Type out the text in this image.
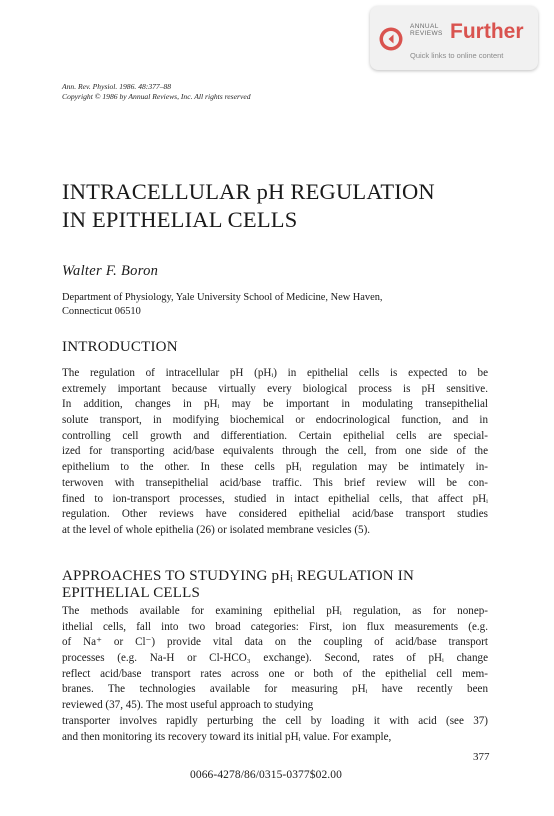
ANNUAL
REVIEWS Further
Quick links to online content
Ann. Rev. Physiol. 1986. 48:377–88
Copyright © 1986 by Annual Reviews, Inc. All rights reserved
INTRACELLULAR pH REGULATION
IN EPITHELIAL CELLS
Walter F. Boron
Department of Physiology, Yale University School of Medicine, New Haven,
Connecticut 06510
INTRODUCTION
The regulation of intracellular pH (pHᵢ) in epithelial cells is expected to be
extremely important because virtually every biological process is pH sensitive.
In addition, changes in pHᵢ may be important in modulating transepithelial
solute transport, in modifying biochemical or endocrinological function, and in
controlling cell growth and differentiation. Certain epithelial cells are special-
ized for transporting acid/base equivalents through the cell, from one side of the
epithelium to the other. In these cells pHᵢ regulation may be intimately in-
terwoven with transepithelial acid/base traffic. This brief review will be con-
fined to ion-transport processes, studied in intact epithelial cells, that affect pHᵢ
regulation. Other reviews have considered epithelial acid/base transport studies
at the level of whole epithelia (26) or isolated membrane vesicles (5).
APPROACHES TO STUDYING pHᵢ REGULATION IN
EPITHELIAL CELLS
The methods available for examining epithelial pHᵢ regulation, as for nonep-
ithelial cells, fall into two broad categories: First, ion flux measurements (e.g.
of Na⁺ or Cl⁻) provide vital data on the coupling of acid/base transport
processes (e.g. Na-H or Cl-HCO₃ exchange). Second, rates of pHᵢ change
reflect acid/base transport rates across one or both of the epithelial cell mem-
branes. The technologies available for measuring pHᵢ have recently been
reviewed (37, 45). The most useful approach to studying
transporter involves rapidly perturbing the cell by loading it with acid (see 37)
and then monitoring its recovery toward its initial pHᵢ value. For example,
377
0066-4278/86/0315-0377$02.00
